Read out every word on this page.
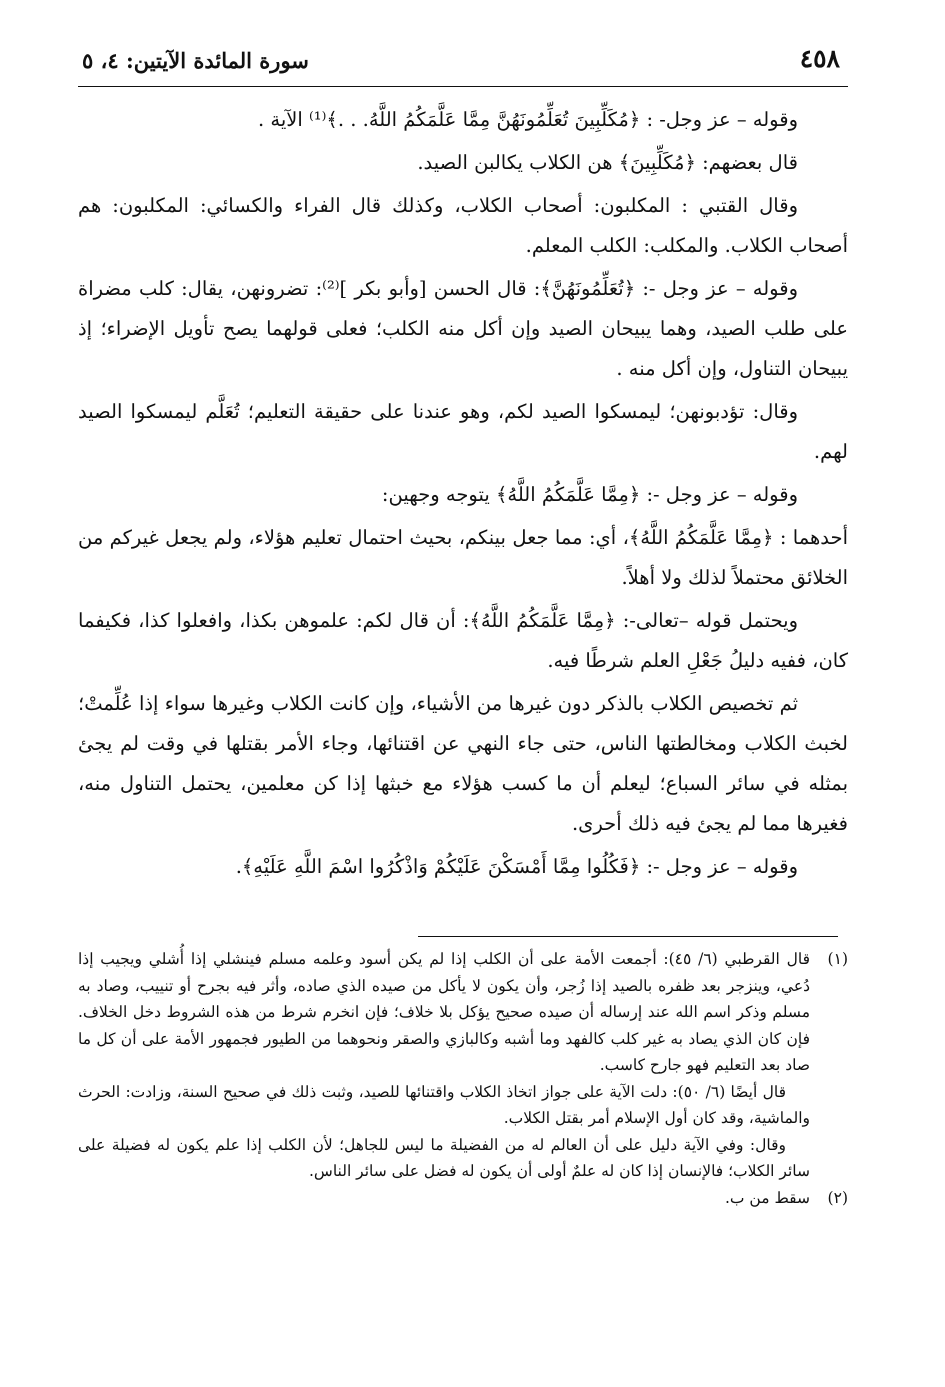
٤٥٨
سورة المائدة الآيتين: ٤، ٥

وقوله – عز وجل- : ﴿مُكَلِّبِينَ تُعَلِّمُونَهُنَّ مِمَّا عَلَّمَكُمُ اللَّهُ. . .﴾⁽¹⁾ الآية .

قال بعضهم: ﴿مُكَلِّبِينَ﴾ هن الكلاب يكالبن الصيد.

وقال القتبي : المكلبون: أصحاب الكلاب، وكذلك قال الفراء والكسائي: المكلبون: هم أصحاب الكلاب. والمكلب: الكلب المعلم.

وقوله – عز وجل -: ﴿تُعَلِّمُونَهُنَّ﴾: قال الحسن [وأبو بكر ]⁽²⁾: تضرونهن، يقال: كلب مضراة على طلب الصيد، وهما يبيحان الصيد وإن أكل منه الكلب؛ فعلى قولهما يصح تأويل الإضراء؛ إذ يبيحان التناول، وإن أكل منه .

وقال: تؤدبونهن؛ ليمسكوا الصيد لكم، وهو عندنا على حقيقة التعليم؛ تُعَلَّم ليمسكوا الصيد لهم.

وقوله – عز وجل -: ﴿مِمَّا عَلَّمَكُمُ اللَّهُ﴾ يتوجه وجهين:

أحدهما : ﴿مِمَّا عَلَّمَكُمُ اللَّهُ﴾، أي: مما جعل بينكم، بحيث احتمال تعليم هؤلاء، ولم يجعل غيركم من الخلائق محتملاً لذلك ولا أهلاً.

ويحتمل قوله –تعالى-: ﴿مِمَّا عَلَّمَكُمُ اللَّهُ﴾: أن قال لكم: علموهن بكذا، وافعلوا كذا، فكيفما كان، ففيه دليلُ جَعْلِ العلم شرطًا فيه.

ثم تخصيص الكلاب بالذكر دون غيرها من الأشياء، وإن كانت الكلاب وغيرها سواء إذا عُلِّمتْ؛ لخبث الكلاب ومخالطتها الناس، حتى جاء النهي عن اقتنائها، وجاء الأمر بقتلها في وقت لم يجئ بمثله في سائر السباع؛ ليعلم أن ما كسب هؤلاء مع خبثها إذا كن معلمين، يحتمل التناول منه، فغيرها مما لم يجئ فيه ذلك أحرى.

وقوله – عز وجل -: ﴿فَكُلُوا مِمَّا أَمْسَكْنَ عَلَيْكُمْ وَاذْكُرُوا اسْمَ اللَّهِ عَلَيْهِ﴾.

(١)
قال القرطبي (٦/ ٤٥): أجمعت الأمة على أن الكلب إذا لم يكن أسود وعلمه مسلم فينشلي إذا أُشلي ويجيب إذا دُعي، وينزجر بعد ظفره بالصيد إذا زُجر، وأن يكون لا يأكل من صيده الذي صاده، وأثر فيه بجرح أو تنييب، وصاد به مسلم وذكر اسم الله عند إرساله أن صيده صحيح يؤكل بلا خلاف؛ فإن انخرم شرط من هذه الشروط دخل الخلاف. فإن كان الذي يصاد به غير كلب كالفهد وما أشبه وكالبازي والصقر ونحوهما من الطيور فجمهور الأمة على أن كل ما صاد بعد التعليم فهو جارح كاسب.

قال أيضًا (٦/ ٥٠): دلت الآية على جواز اتخاذ الكلاب واقتنائها للصيد، وثبت ذلك في صحيح السنة، وزادت: الحرث والماشية، وقد كان أول الإسلام أمر بقتل الكلاب.

وقال: وفي الآية دليل على أن العالم له من الفضيلة ما ليس للجاهل؛ لأن الكلب إذا علم يكون له فضيلة على سائر الكلاب؛ فالإنسان إذا كان له علمٌ أولى أن يكون له فضل على سائر الناس.

(٢)
سقط من ب.
